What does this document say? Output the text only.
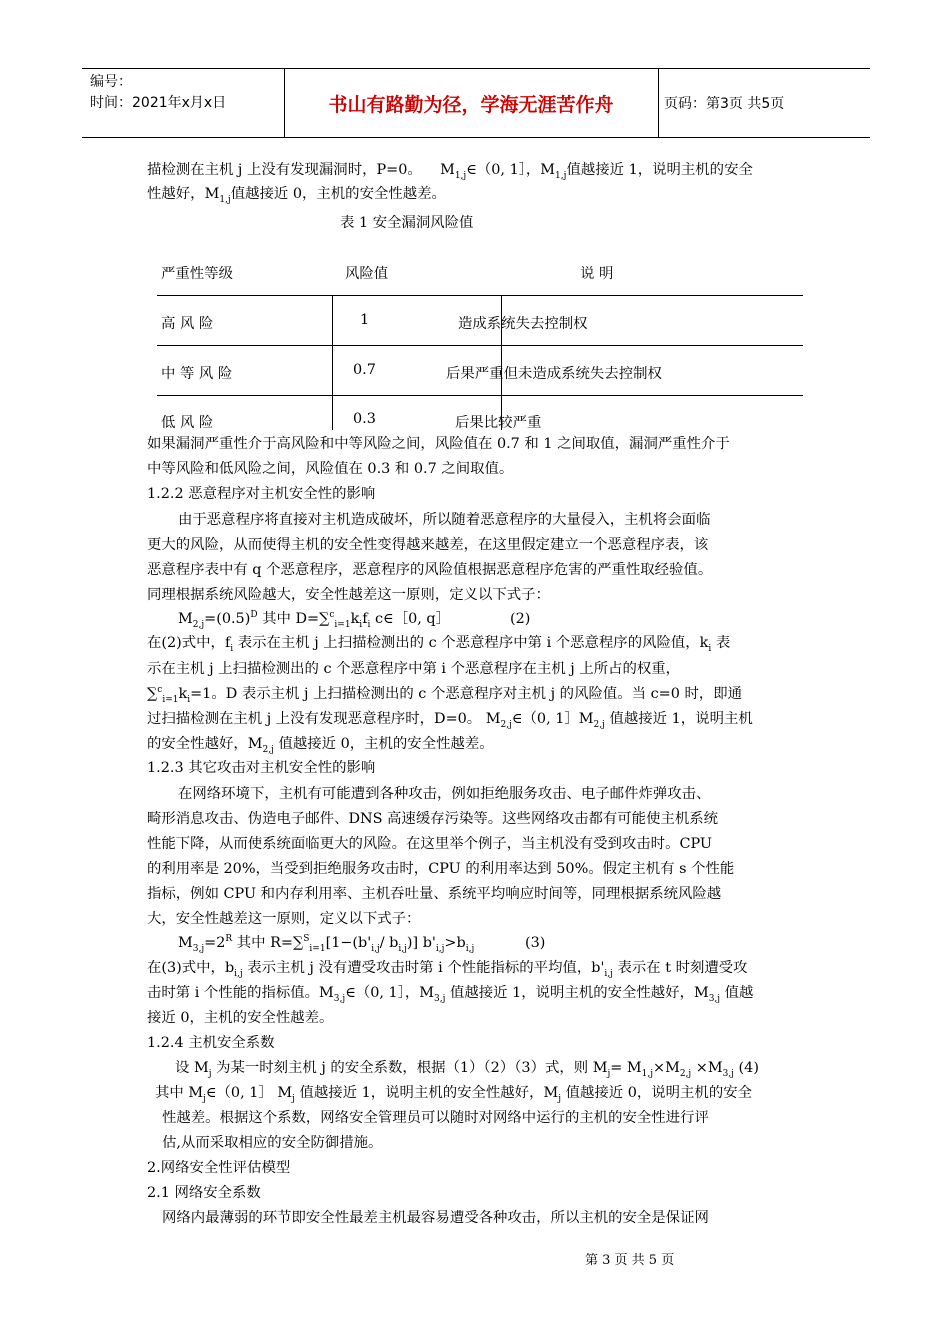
编号：
时间：2021年x月x日	书山有路勤为径，学海无涯苦作舟	页码：第3页 共5页
描检测在主机 j 上没有发现漏洞时，P=0。 $M_{1,j}\in(0$, 1］，$M_{1,j}$值越接近 1，说明主机的安全
性越好，$M_{1,j}$值越接近 0，主机的安全性越差。
表 1 安全漏洞风险值
严重性等级	风险值	说 明
高 风 险	1	造成系统失去控制权
中 等 风 险	0.7	后果严重但未造成系统失去控制权
低 风 险	0.3	后果比较严重
如果漏洞严重性介于高风险和中等风险之间，风险值在 0.7 和 1 之间取值，漏洞严重性介于
中等风险和低风险之间，风险值在 0.3 和 0.7 之间取值。
1.2.2 恶意程序对主机安全性的影响
由于恶意程序将直接对主机造成破坏，所以随着恶意程序的大量侵入，主机将会面临
更大的风险，从而使得主机的安全性变得越来越差，在这里假定建立一个恶意程序表，该
恶意程序表中有 q 个恶意程序，恶意程序的风险值根据恶意程序危害的严重性取经验值。
同理根据系统风险越大，安全性越差这一原则，定义以下式子：
$M_{2,j}=(0.5)^D$ 其中 $D=\sum^c_{i=1}k_if_i$ c∈［0, q］	(2)
在(2)式中，$f_i$ 表示在主机 j 上扫描检测出的 c 个恶意程序中第 i 个恶意程序的风险值，$k_i$ 表
示在主机 j 上扫描检测出的 c 个恶意程序中第 i 个恶意程序在主机 j 上所占的权重，
$\sum^c_{i=1}k_i=1$。D 表示主机 j 上扫描检测出的 c 个恶意程序对主机 j 的风险值。当 c=0 时，即通
过扫描检测在主机 j 上没有发现恶意程序时，D=0。 $M_{2,j}\in(0$, $1]M_{2,j}$ 值越接近 1，说明主机
的安全性越好，$M_{2,j}$ 值越接近 0，主机的安全性越差。
1.2.3 其它攻击对主机安全性的影响
在网络环境下，主机有可能遭到各种攻击，例如拒绝服务攻击、电子邮件炸弹攻击、
畸形消息攻击、伪造电子邮件、DNS 高速缓存污染等。这些网络攻击都有可能使主机系统
性能下降，从而使系统面临更大的风险。在这里举个例子，当主机没有受到攻击时。CPU
的利用率是 20%，当受到拒绝服务攻击时，CPU 的利用率达到 50%。假定主机有 s 个性能
指标，例如 CPU 和内存利用率、主机吞吐量、系统平均响应时间等，同理根据系统风险越
大，安全性越差这一原则，定义以下式子：
$M_{3,j}=2^R$ 其中 $R=\sum^S_{i=1}[1-(b'_{i,j}/$ $b_{i,j}$)] $b'_{i,j}>b_{i,j}$	(3)
在(3)式中，$b_{i,j}$ 表示主机 j 没有遭受攻击时第 i 个性能指标的平均值，$b'_{i,j}$ 表示在 t 时刻遭受攻
击时第 i 个性能的指标值。$M_{3,j}\in(0$, 1］，$M_{3,j}$ 值越接近 1，说明主机的安全性越好，$M_{3,j}$ 值越
接近 0，主机的安全性越差。
1.2.4 主机安全系数
设 $M_j$ 为某一时刻主机 j 的安全系数，根据（1）（2）（3）式，则 $M_j= M_{1,j}\times M_{2,j} \times M_{3,j}$ (4)
其中 $M_j\in(0$, 1］ $M_j$ 值越接近 1，说明主机的安全性越好，$M_j$ 值越接近 0，说明主机的安全
性越差。根据这个系数，网络安全管理员可以随时对网络中运行的主机的安全性进行评
估,从而采取相应的安全防御措施。
2.网络安全性评估模型
2.1 网络安全系数
网络内最薄弱的环节即安全性最差主机最容易遭受各种攻击，所以主机的安全是保证网
第 3 页 共 5 页
